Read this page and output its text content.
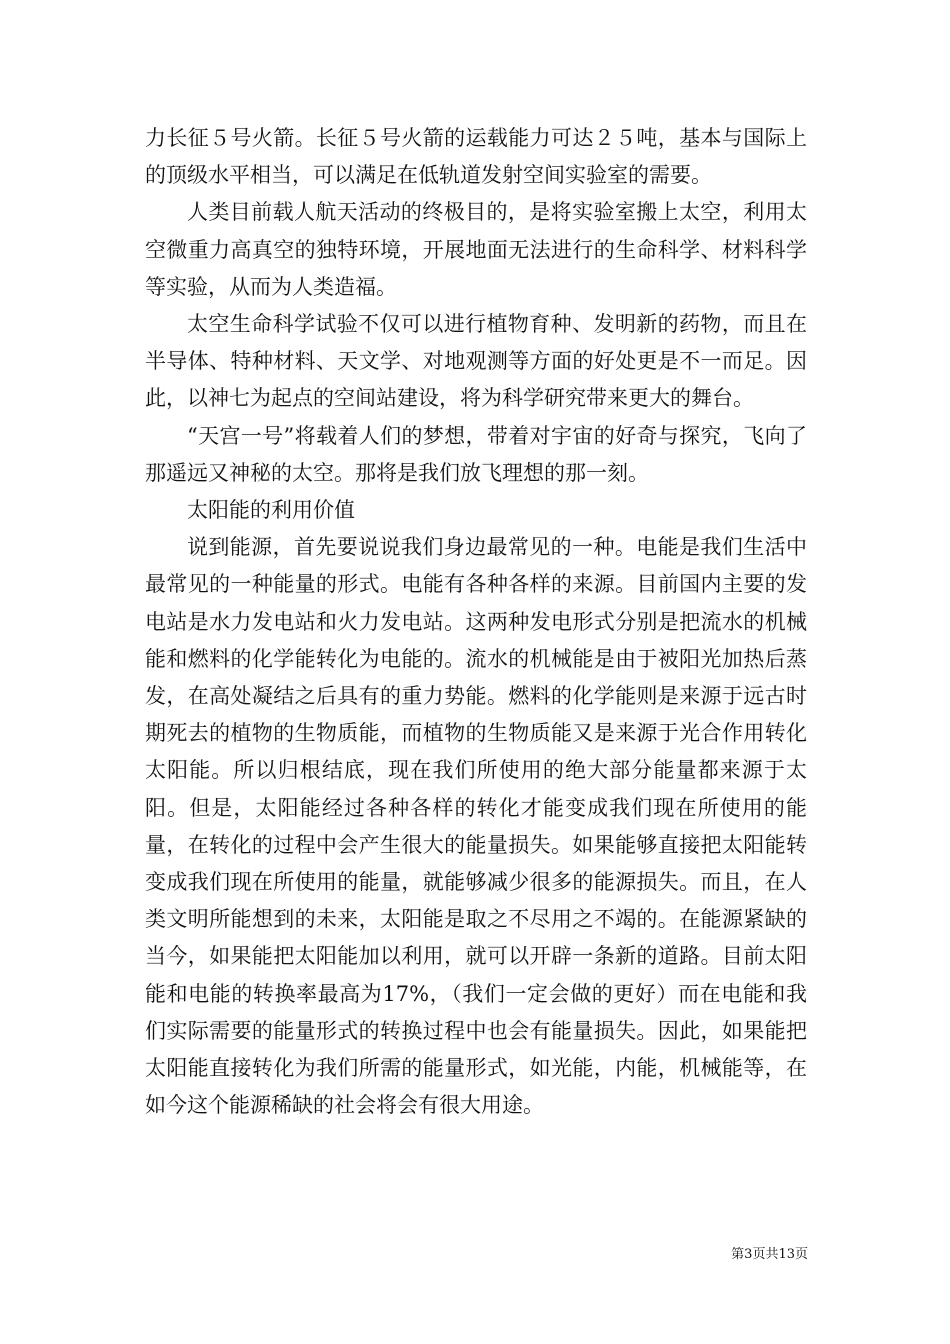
力长征５号火箭。长征５号火箭的运载能力可达２５吨，基本与国际上的顶级水平相当，可以满足在低轨道发射空间实验室的需要。

人类目前载人航天活动的终极目的，是将实验室搬上太空，利用太空微重力高真空的独特环境，开展地面无法进行的生命科学、材料科学等实验，从而为人类造福。

太空生命科学试验不仅可以进行植物育种、发明新的药物，而且在半导体、特种材料、天文学、对地观测等方面的好处更是不一而足。因此，以神七为起点的空间站建设，将为科学研究带来更大的舞台。

“天宫一号”将载着人们的梦想，带着对宇宙的好奇与探究，飞向了那遥远又神秘的太空。那将是我们放飞理想的那一刻。

太阳能的利用价值

说到能源，首先要说说我们身边最常见的一种。电能是我们生活中最常见的一种能量的形式。电能有各种各样的来源。目前国内主要的发电站是水力发电站和火力发电站。这两种发电形式分别是把流水的机械能和燃料的化学能转化为电能的。流水的机械能是由于被阳光加热后蒸发，在高处凝结之后具有的重力势能。燃料的化学能则是来源于远古时期死去的植物的生物质能，而植物的生物质能又是来源于光合作用转化太阳能。所以归根结底，现在我们所使用的绝大部分能量都来源于太阳。但是，太阳能经过各种各样的转化才能变成我们现在所使用的能量，在转化的过程中会产生很大的能量损失。如果能够直接把太阳能转变成我们现在所使用的能量，就能够减少很多的能源损失。而且，在人类文明所能想到的未来，太阳能是取之不尽用之不竭的。在能源紧缺的当今，如果能把太阳能加以利用，就可以开辟一条新的道路。目前太阳能和电能的转换率最高为17%，（我们一定会做的更好）而在电能和我们实际需要的能量形式的转换过程中也会有能量损失。因此，如果能把太阳能直接转化为我们所需的能量形式，如光能，内能，机械能等，在如今这个能源稀缺的社会将会有很大用途。

第3页共13页
